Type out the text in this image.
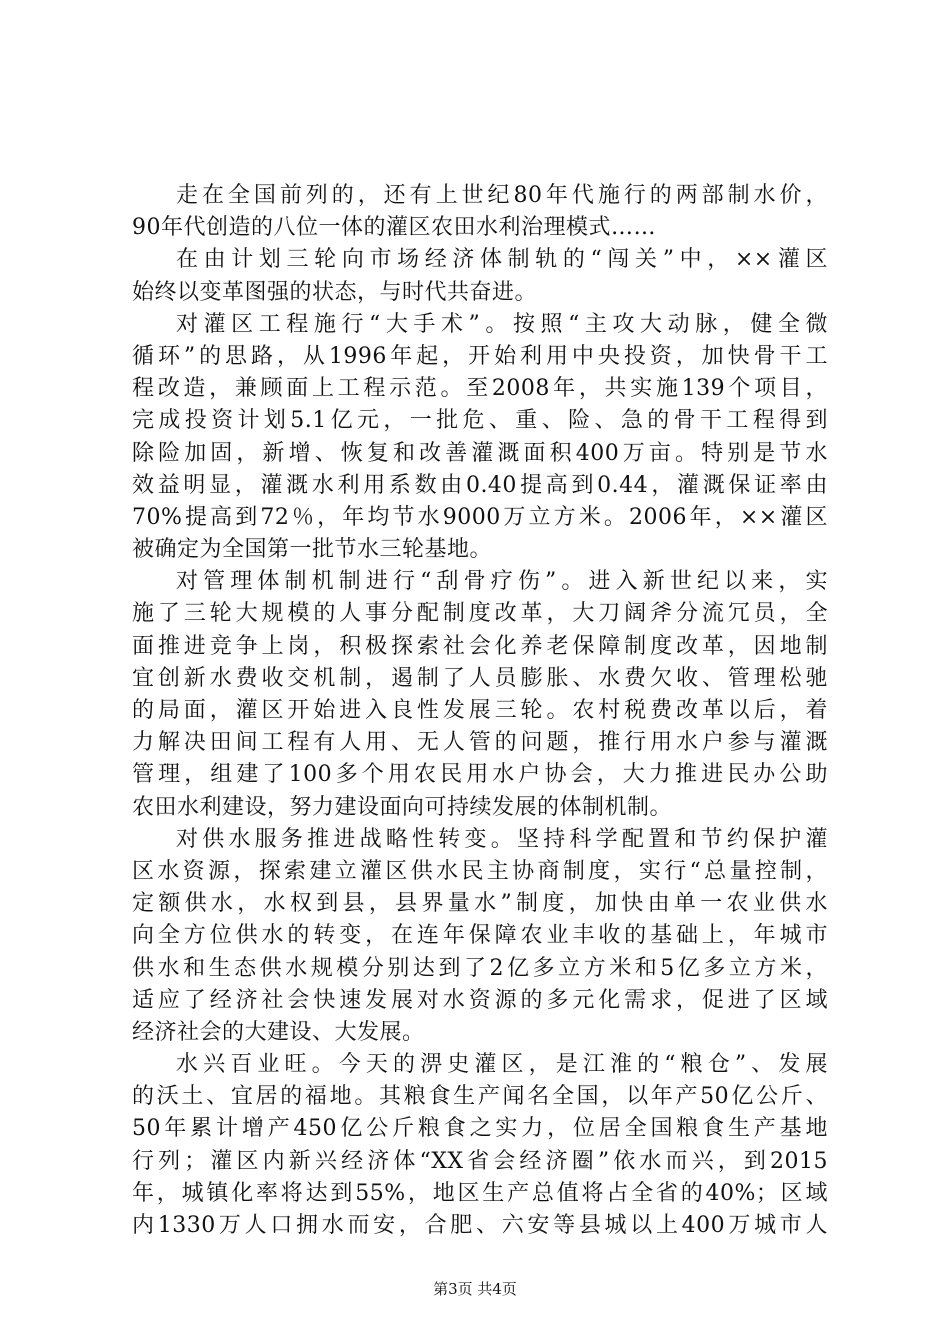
走在全国前列的，还有上世纪80年代施行的两部制水价，
90年代创造的八位一体的灌区农田水利治理模式……
在由计划三轮向市场经济体制轨的“闯关”中，××灌区
始终以变革图强的状态，与时代共奋进。
对灌区工程施行“大手术”。按照“主攻大动脉，健全微
循环”的思路，从1996年起，开始利用中央投资，加快骨干工
程改造，兼顾面上工程示范。至2008年，共实施139个项目，
完成投资计划5.1亿元，一批危、重、险、急的骨干工程得到
除险加固，新增、恢复和改善灌溉面积400万亩。特别是节水
效益明显，灌溉水利用系数由0.40提高到0.44，灌溉保证率由
70%提高到72％，年均节水9000万立方米。2006年，××灌区
被确定为全国第一批节水三轮基地。
对管理体制机制进行“刮骨疗伤”。进入新世纪以来，实
施了三轮大规模的人事分配制度改革，大刀阔斧分流冗员，全
面推进竞争上岗，积极探索社会化养老保障制度改革，因地制
宜创新水费收交机制，遏制了人员膨胀、水费欠收、管理松驰
的局面，灌区开始进入良性发展三轮。农村税费改革以后，着
力解决田间工程有人用、无人管的问题，推行用水户参与灌溉
管理，组建了100多个用农民用水户协会，大力推进民办公助
农田水利建设，努力建设面向可持续发展的体制机制。
对供水服务推进战略性转变。坚持科学配置和节约保护灌
区水资源，探索建立灌区供水民主协商制度，实行“总量控制，
定额供水，水权到县，县界量水”制度，加快由单一农业供水
向全方位供水的转变，在连年保障农业丰收的基础上，年城市
供水和生态供水规模分别达到了2亿多立方米和5亿多立方米，
适应了经济社会快速发展对水资源的多元化需求，促进了区域
经济社会的大建设、大发展。
水兴百业旺。今天的淠史灌区，是江淮的“粮仓”、发展
的沃土、宜居的福地。其粮食生产闻名全国，以年产50亿公斤、
50年累计增产450亿公斤粮食之实力，位居全国粮食生产基地
行列；灌区内新兴经济体“XX省会经济圈”依水而兴，到2015
年，城镇化率将达到55%，地区生产总值将占全省的40%；区域
内1330万人口拥水而安，合肥、六安等县城以上400万城市人
第3页 共4页
